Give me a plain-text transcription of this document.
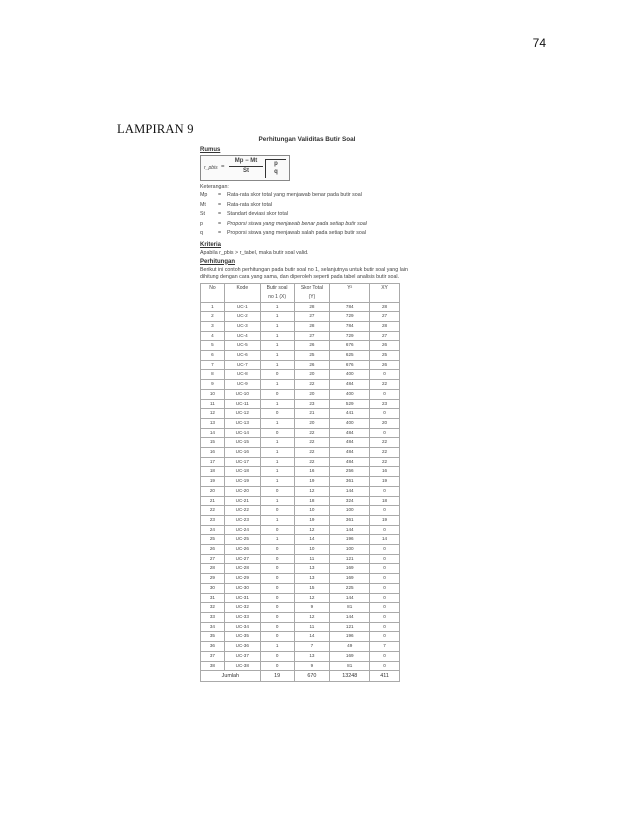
74
LAMPIRAN 9
Perhitungan Validitas Butir Soal
Rumus
r_pbis =
Mp − Mt
St
p
q
Keterangan:
Mp	=	Rata-rata skor total yang menjawab benar pada butir soal
Mt	=	Rata-rata skor total
St	=	Standart deviasi skor total
p	=	Proporsi siswa yang menjawab benar pada setiap butir soal
q	=	Proporsi siswa yang menjawab salah pada setiap butir soal
Kriteria
Apabila r_pbis > r_tabel, maka butir soal valid.
Perhitungan
Berikut ini contoh perhitungan pada butir soal no 1, selanjutnya untuk butir soal yang lain dihitung dengan cara yang sama, dan diperoleh seperti pada tabel analisis butir soal.
No	Kode	Butir soal	Skor Total	Y²	XY
		no 1 (X)	(Y)		
1	UC-1	1	28	784	28
2	UC-2	1	27	729	27
3	UC-3	1	28	784	28
4	UC-4	1	27	729	27
5	UC-5	1	26	676	26
6	UC-6	1	25	625	25
7	UC-7	1	26	676	26
8	UC-8	0	20	400	0
9	UC-9	1	22	484	22
10	UC-10	0	20	400	0
11	UC-11	1	23	529	23
12	UC-12	0	21	441	0
13	UC-13	1	20	400	20
14	UC-14	0	22	484	0
15	UC-15	1	22	484	22
16	UC-16	1	22	484	22
17	UC-17	1	22	484	22
18	UC-18	1	16	256	16
19	UC-19	1	19	361	19
20	UC-20	0	12	144	0
21	UC-21	1	18	324	18
22	UC-22	0	10	100	0
23	UC-23	1	19	361	19
24	UC-24	0	12	144	0
25	UC-25	1	14	196	14
26	UC-26	0	10	100	0
27	UC-27	0	11	121	0
28	UC-28	0	13	169	0
29	UC-29	0	13	169	0
30	UC-30	0	15	225	0
31	UC-31	0	12	144	0
32	UC-32	0	9	81	0
33	UC-33	0	12	144	0
34	UC-34	0	11	121	0
35	UC-35	0	14	196	0
36	UC-36	1	7	49	7
37	UC-37	0	13	169	0
38	UC-38	0	9	81	0
Jumlah		19	670	13248	411
